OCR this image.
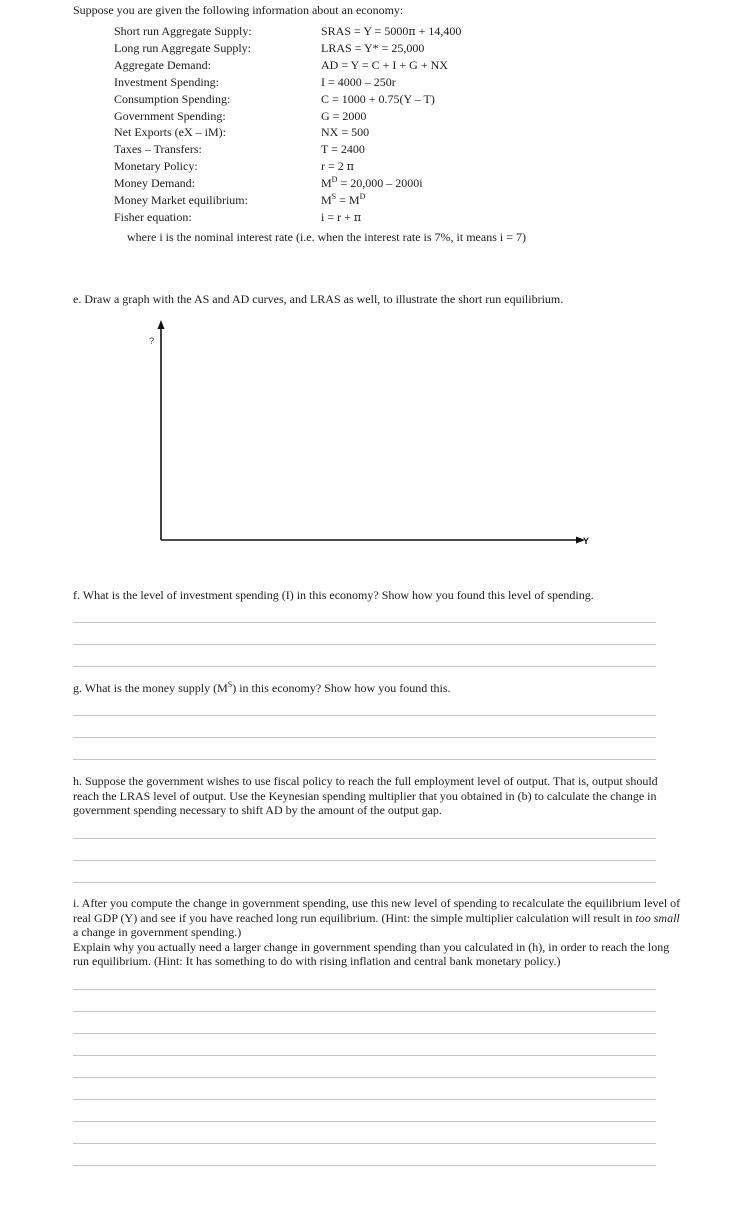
Suppose you are given the following information about an economy:
Short run Aggregate Supply:	SRAS = Y = 5000π + 14,400
Long run Aggregate Supply:	LRAS = Y* = 25,000
Aggregate Demand:	AD = Y = C + I + G + NX
Investment Spending:	I = 4000 – 250r
Consumption Spending:	C = 1000 + 0.75(Y – T)
Government Spending:	G = 2000
Net Exports (eX – iM):	NX = 500
Taxes – Transfers:	T = 2400
Monetary Policy:	r = 2 π
Money Demand:	$M^D = 20,000 - 2000i$
Money Market equilibrium:	$M^S = M^D$
Fisher equation:	i = r + π
where i is the nominal interest rate (i.e. when the interest rate is 7%, it means i = 7)
e. Draw a graph with the AS and AD curves, and LRAS as well, to illustrate the short run equilibrium.
?
Y
f. What is the level of investment spending (I) in this economy? Show how you found this level of spending.
g. What is the money supply $(M^S)$ in this economy? Show how you found this.
h. Suppose the government wishes to use fiscal policy to reach the full employment level of output. That is, output should reach the LRAS level of output. Use the Keynesian spending multiplier that you obtained in (b) to calculate the change in government spending necessary to shift AD by the amount of the output gap.
i. After you compute the change in government spending, use this new level of spending to recalculate the equilibrium level of real GDP (Y) and see if you have reached long run equilibrium. (Hint: the simple multiplier calculation will result in too small a change in government spending.)
Explain why you actually need a larger change in government spending than you calculated in (h), in order to reach the long run equilibrium. (Hint: It has something to do with rising inflation and central bank monetary policy.)
